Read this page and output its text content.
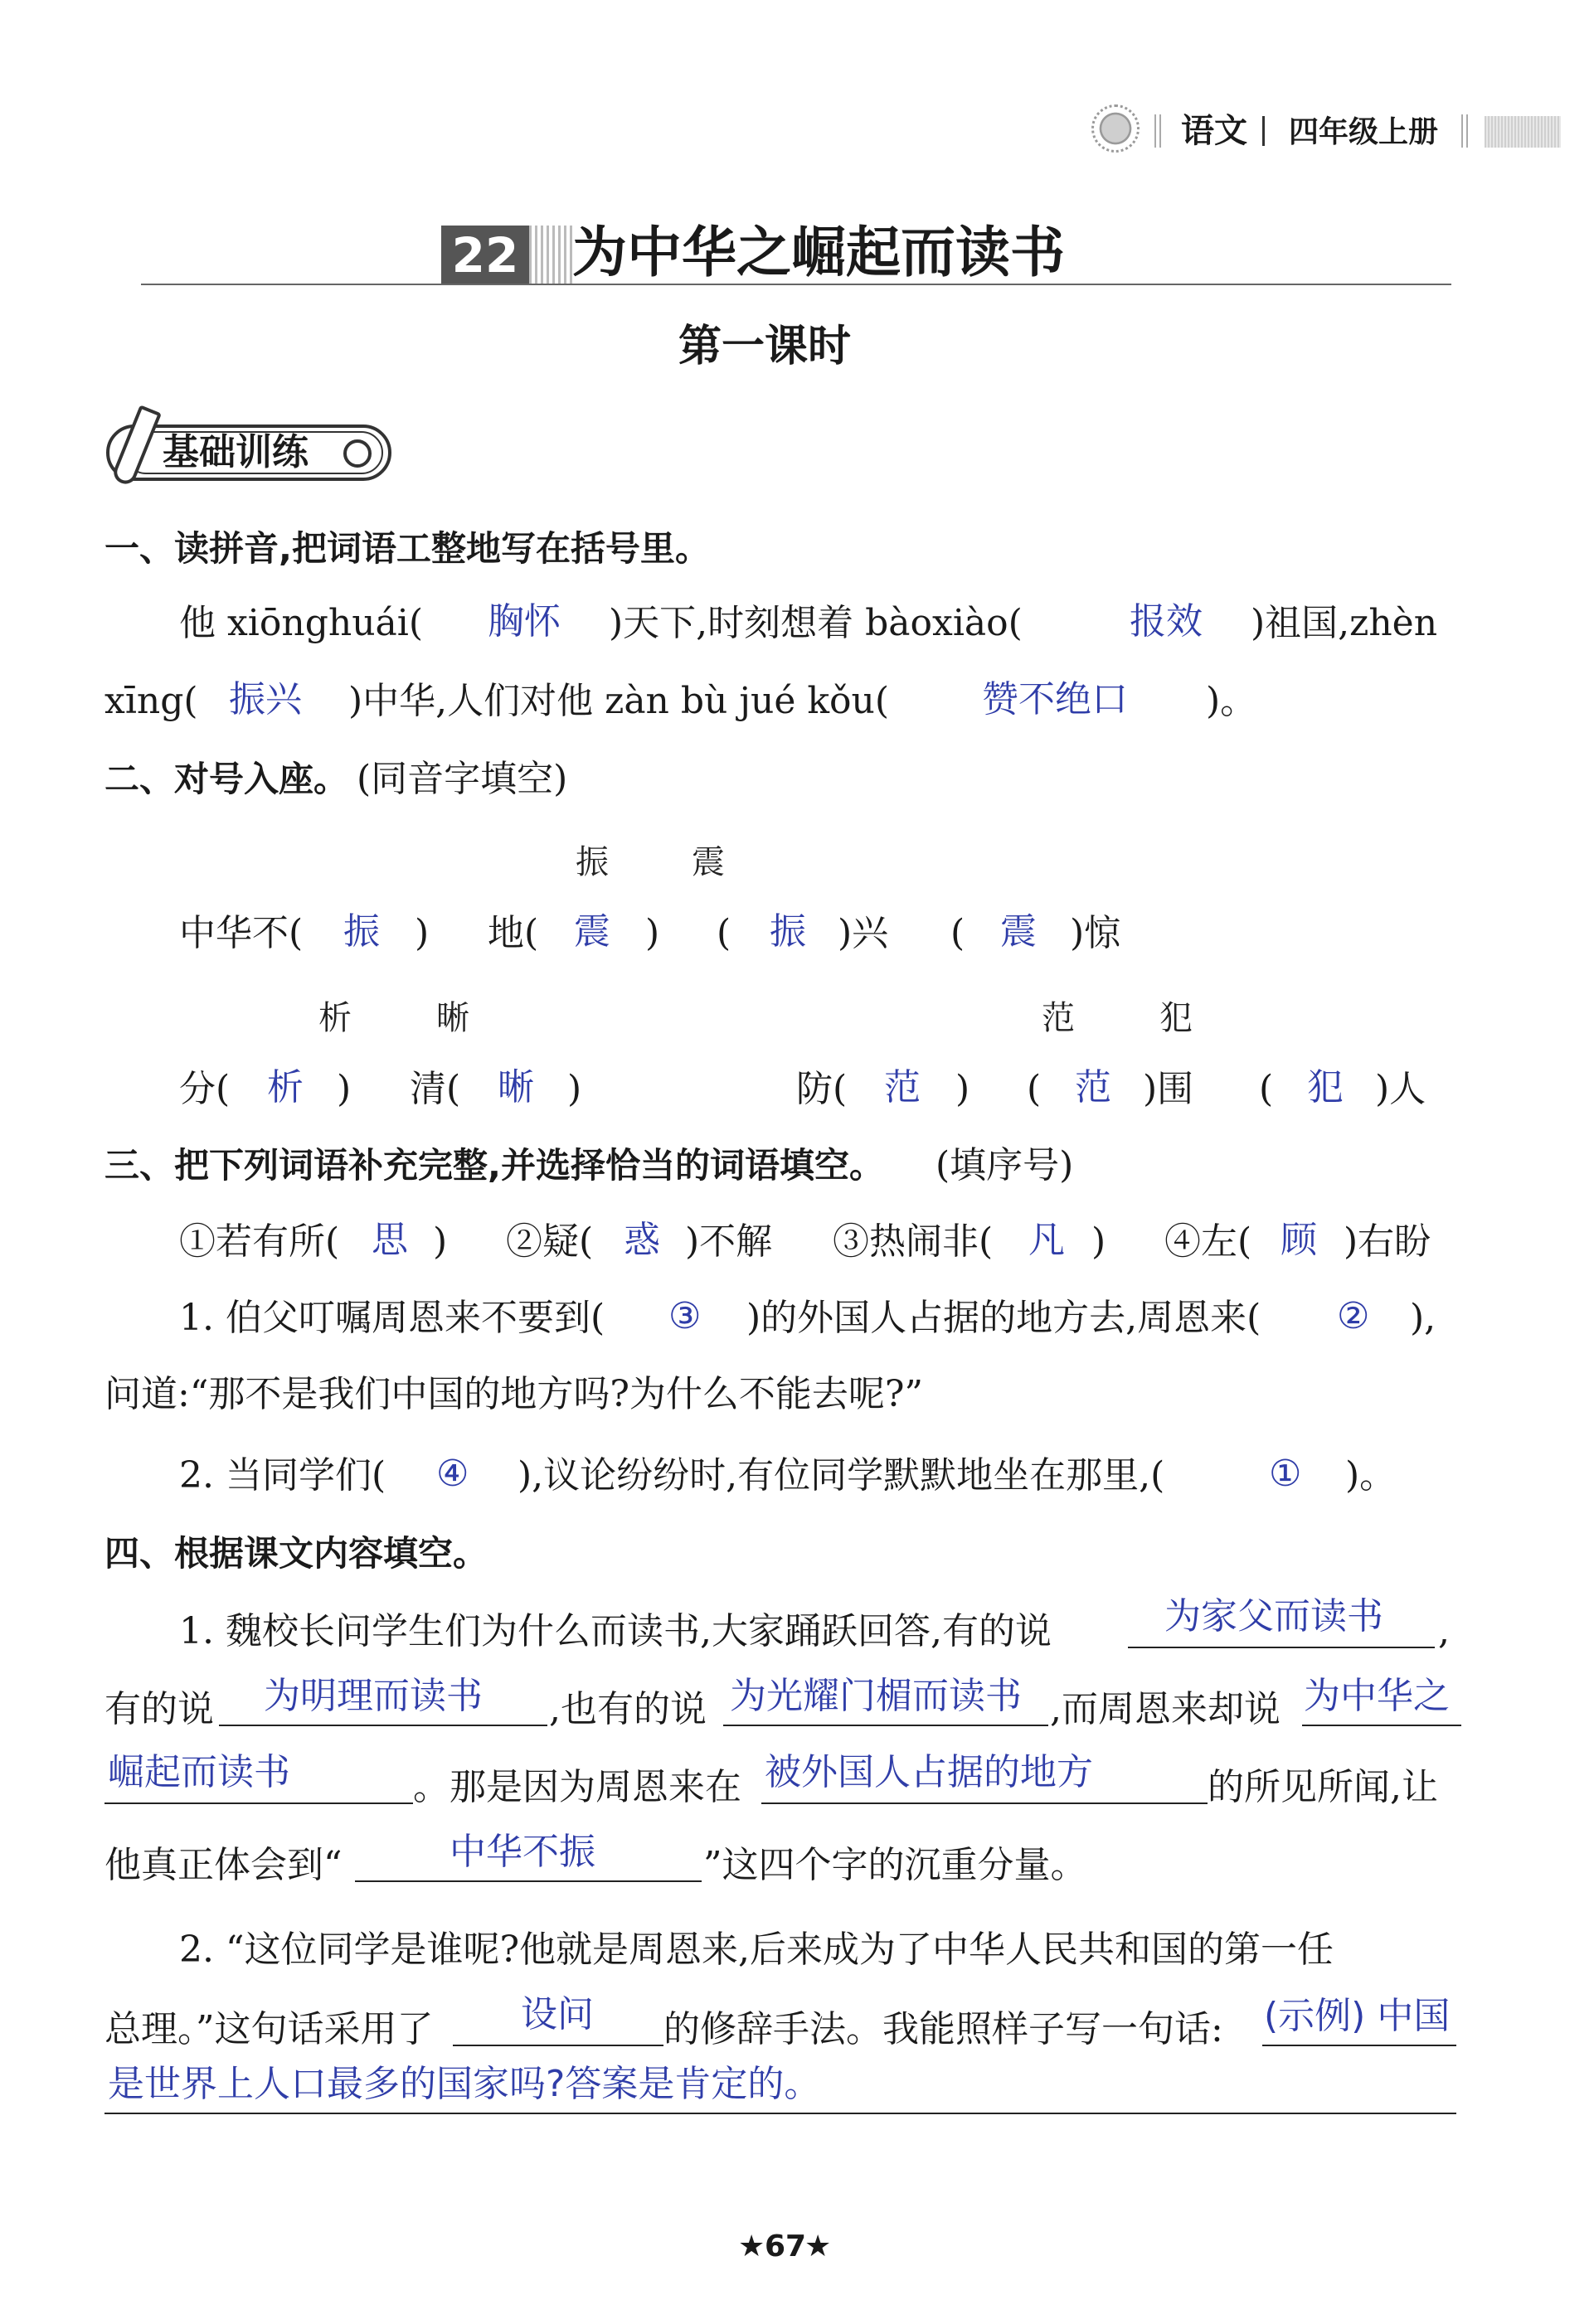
语文 四年级上册
22 为中华之崛起而读书
第一课时
基础训练
一、读拼音,把词语工整地写在括号里。
他 xiōnghuái( 胸怀 )天下,时刻想着 bàoxiào(	报效 )祖国,zhèn
xīng( 振兴 )中华,人们对他 zàn bù jué kǒu(	赞不绝口 )。
二、对号入座。 (同音字填空)
振	震
中华不( 振 ) 地( 震 ) ( 振 )兴 ( 震 )惊
析	晰	范	犯
分( 析 ) 清( 晰 )	防( 范 ) ( 范 )围 ( 犯 )人
三、把下列词语补充完整,并选择恰当的词语填空。 (填序号)
①若有所( 思 ) ②疑( 惑 )不解 ③热闹非( 凡 ) ④左( 顾 )右盼
1. 伯父叮嘱周恩来不要到( ③ )的外国人占据的地方去,周恩来( ② ),
问道:“那不是我们中国的地方吗?为什么不能去呢?”
2. 当同学们( ④ ),议论纷纷时,有位同学默默地坐在那里,(	① )。
四、根据课文内容填空。
1. 魏校长问学生们为什么而读书,大家踊跃回答,有的说	为家父而读书 ,
有的说 为明理而读书 ,也有的说 为光耀门楣而读书 ,而周恩来却说 为中华之
崛起而读书	。那是因为周恩来在 被外国人占据的地方	的所见所闻,让
他真正体会到“	中华不振	”这四个字的沉重分量。
2. “这位同学是谁呢?他就是周恩来,后来成为了中华人民共和国的第一任
总理。”这句话采用了 设问 的修辞手法。我能照样子写一句话: (示例) 中国
是世界上人口最多的国家吗?答案是肯定的。
★ 67
★
